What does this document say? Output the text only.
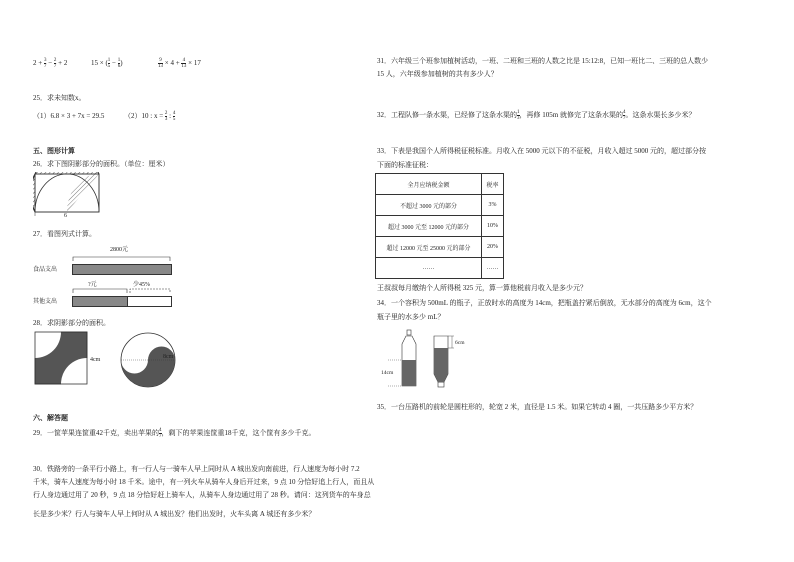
$2 + \frac{3}{7} - \frac{2}{7} + 2$	15 × ( $\frac{1}{5} - \frac{1}{6}$ )	$\frac{9}{13} \times 4 + \frac{4}{13} \times 17$
25．求未知数x。
（1）6.8 × 3 + 7x = 29.5	（2）10 : $x = \frac{2}{3}$ : $\frac{4}{5}$
五、图形计算
26．求下图阴影部分的面积。（单位：厘米）
6
27．看图列式计算。
2800元
食品支出
?元	少45%
其他支出
28．求阴影部分的面积。
4cm	8cm
六、解答题
29．一筐苹果连筐重42千克，卖出苹果的 $\frac{4}{7}$ ，剩下的苹果连筐重18千克，这个筐有多少千克。
30．铁路旁的一条平行小路上，有一行人与一骑车人早上同时从 A 城出发向南前进，行人速度为每小时 7.2
千米，骑车人速度为每小时 18 千米。途中，有一列火车从骑车人身后开过来，9 点 10 分恰好追上行人，而且从
行人身边通过用了 20 秒，9 点 18 分恰好赶上骑车人，从骑车人身边通过用了 28 秒。请问：这列货车的车身总
长是多少米？行人与骑车人早上何时从 A 城出发？他们出发时，火车头离 A 城还有多少米？
31．六年级三个班参加植树活动，一班、二班和三班的人数之比是 15:12:8，已知一班比二、三班的总人数少
15 人，六年级参加植树的共有多少人？
32．工程队修一条水渠，已经修了这条水渠的 $\frac{1}{3}$ ，再修 105m 就修完了这条水渠的 $\frac{4}{7}$ 。这条水渠长多少米？
33．下表是我国个人所得税征税标准。月收入在 5000 元以下的不征税，月收入超过 5000 元的，超过部分按
下面的标准征税：
全月应纳税金额	税率
不超过 3000 元的部分	3%
超过 3000 元至 12000 元的部分	10%
超过 12000 元至 25000 元的部分	20%
……	……
王叔叔每月缴纳个人所得税 325 元，算一算他税前月收入是多少元？
34．一个容积为 500mL 的瓶子，正放时水的高度为 14cm，把瓶盖拧紧后倒放，无水部分的高度为 6cm，这个
瓶子里的水多少 mL？
14cm
6cm
35．一台压路机的前轮是圆柱形的，轮宽 2 米，直径是 1.5 米。如果它转动 4 圈，一共压路多少平方米？
